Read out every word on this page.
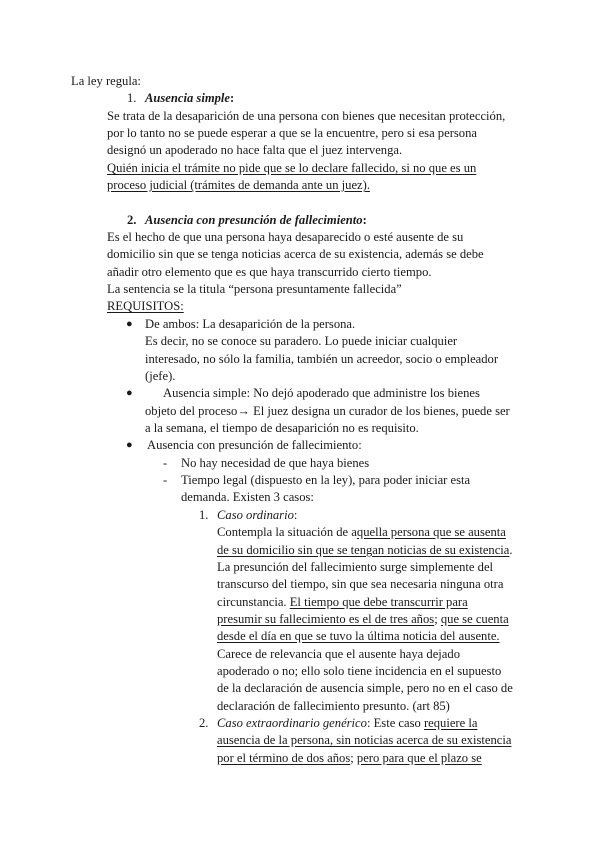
La ley regula:
1. Ausencia simple:
Se trata de la desaparición de una persona con bienes que necesitan protección,
por lo tanto no se puede esperar a que se la encuentre, pero si esa persona
designó un apoderado no hace falta que el juez intervenga.
Quién inicia el trámite no pide que se lo declare fallecido, si no que es un
proceso judicial (trámites de demanda ante un juez).
2. Ausencia con presunción de fallecimiento:
Es el hecho de que una persona haya desaparecido o esté ausente de su
domicilio sin que se tenga noticias acerca de su existencia, además se debe
añadir otro elemento que es que haya transcurrido cierto tiempo.
La sentencia se la titula “persona presuntamente fallecida”
REQUISITOS:
● De ambos: La desaparición de la persona.
Es decir, no se conoce su paradero. Lo puede iniciar cualquier
interesado, no sólo la familia, también un acreedor, socio o empleador
(jefe).
● Ausencia simple: No dejó apoderado que administre los bienes
objeto del proceso→ El juez designa un curador de los bienes, puede ser
a la semana, el tiempo de desaparición no es requisito.
● Ausencia con presunción de fallecimiento:
- No hay necesidad de que haya bienes
- Tiempo legal (dispuesto en la ley), para poder iniciar esta
demanda. Existen 3 casos:
1. Caso ordinario:
Contempla la situación de aquella persona que se ausenta
de su domicilio sin que se tengan noticias de su existencia.
La presunción del fallecimiento surge simplemente del
transcurso del tiempo, sin que sea necesaria ninguna otra
circunstancia. El tiempo que debe transcurrir para
presumir su fallecimiento es el de tres años; que se cuenta
desde el día en que se tuvo la última noticia del ausente.
Carece de relevancia que el ausente haya dejado
apoderado o no; ello solo tiene incidencia en el supuesto
de la declaración de ausencia simple, pero no en el caso de
declaración de fallecimiento presunto. (art 85)
2. Caso extraordinario genérico: Este caso requiere la
ausencia de la persona, sin noticias acerca de su existencia
por el término de dos años; pero para que el plazo se
